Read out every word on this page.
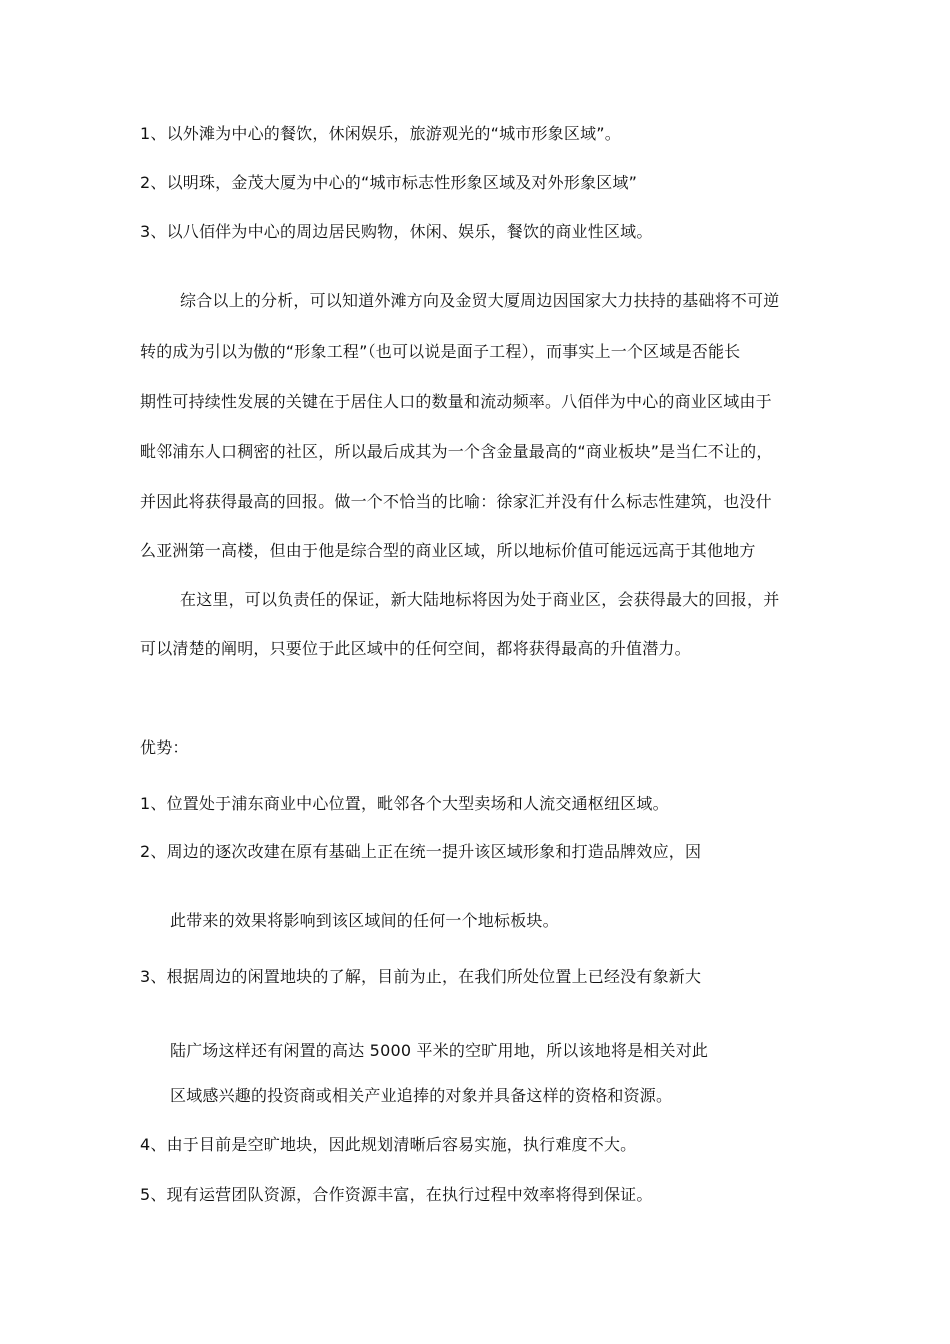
1、以外滩为中心的餐饮，休闲娱乐，旅游观光的“城市形象区域”。
2、以明珠，金茂大厦为中心的“城市标志性形象区域及对外形象区域”
3、以八佰伴为中心的周边居民购物，休闲、娱乐，餐饮的商业性区域。
综合以上的分析，可以知道外滩方向及金贸大厦周边因国家大力扶持的基础将不可逆
转的成为引以为傲的“形象工程”（也可以说是面子工程），而事实上一个区域是否能长
期性可持续性发展的关键在于居住人口的数量和流动频率。八佰伴为中心的商业区域由于
毗邻浦东人口稠密的社区，所以最后成其为一个含金量最高的“商业板块”是当仁不让的，
并因此将获得最高的回报。做一个不恰当的比喻：徐家汇并没有什么标志性建筑，也没什
么亚洲第一高楼，但由于他是综合型的商业区域，所以地标价值可能远远高于其他地方
在这里，可以负责任的保证，新大陆地标将因为处于商业区，会获得最大的回报，并
可以清楚的阐明，只要位于此区域中的任何空间，都将获得最高的升值潜力。
优势：
1、位置处于浦东商业中心位置，毗邻各个大型卖场和人流交通枢纽区域。
2、周边的逐次改建在原有基础上正在统一提升该区域形象和打造品牌效应，因
此带来的效果将影响到该区域间的任何一个地标板块。
3、根据周边的闲置地块的了解，目前为止，在我们所处位置上已经没有象新大
陆广场这样还有闲置的高达 5000 平米的空旷用地，所以该地将是相关对此
区域感兴趣的投资商或相关产业追捧的对象并具备这样的资格和资源。
4、由于目前是空旷地块，因此规划清晰后容易实施，执行难度不大。
5、现有运营团队资源，合作资源丰富，在执行过程中效率将得到保证。
